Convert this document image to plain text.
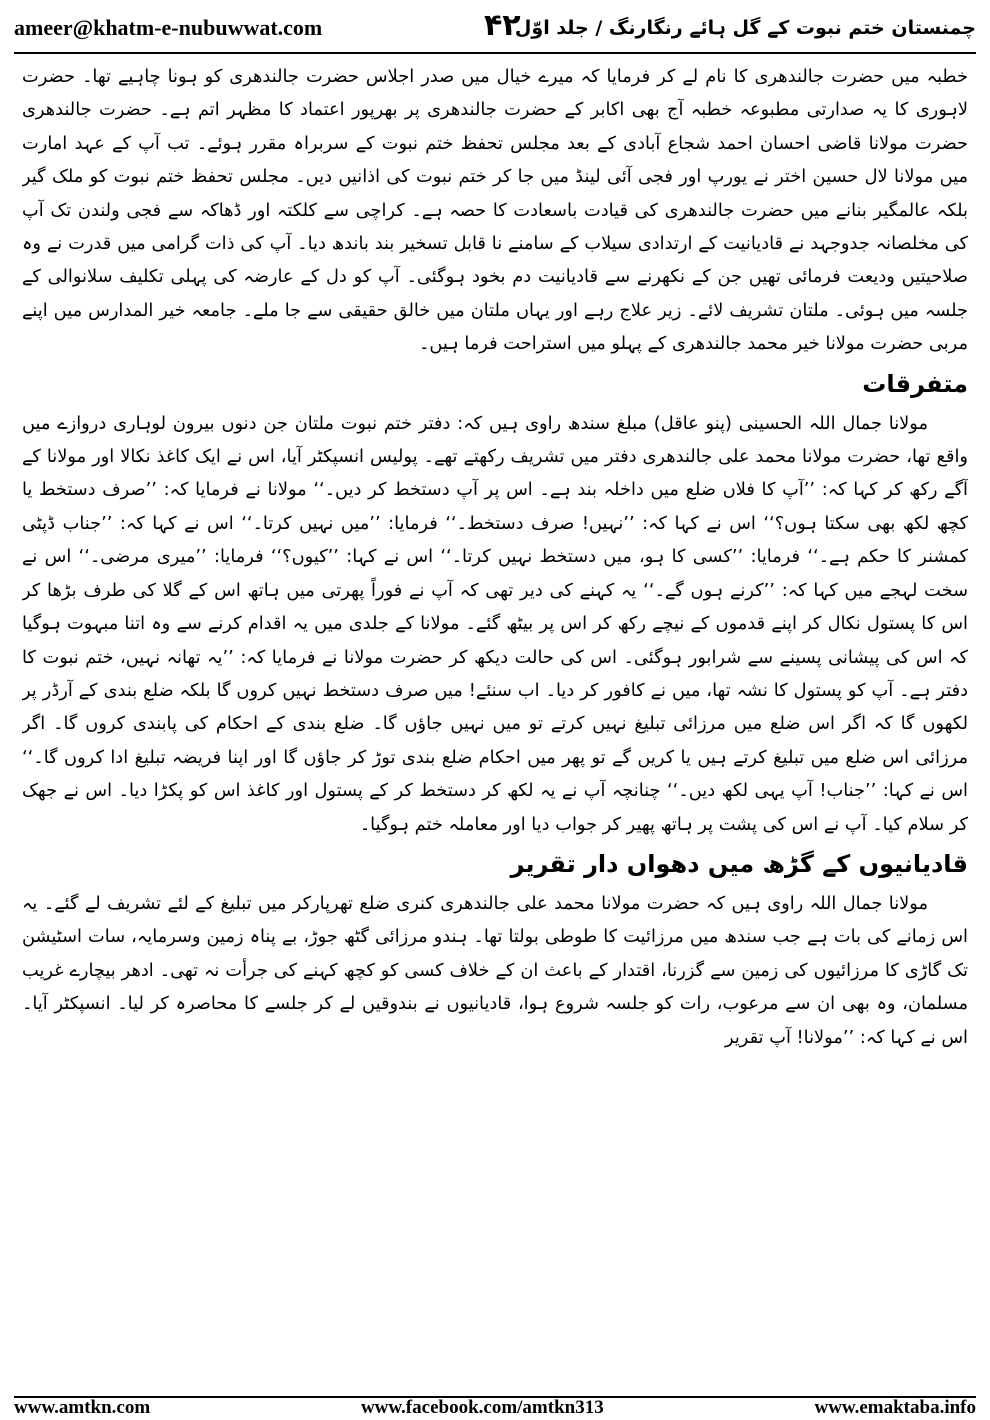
ameer@khatm-e-nubuwwat.com	۴۲
چمنستان ختم نبوت کے گل ہائے رنگارنگ / جلد اوّل

خطبہ میں حضرت جالندھری کا نام لے کر فرمایا کہ میرے خیال میں صدر اجلاس حضرت جالندھری کو ہونا چاہیے تھا۔ حضرت لاہوری کا یہ صدارتی مطبوعہ خطبہ آج بھی اکابر کے حضرت جالندھری پر بھرپور اعتماد کا مظہر اتم ہے۔ حضرت جالندھری حضرت مولانا قاضی احسان احمد شجاع آبادی کے بعد مجلس تحفظ ختم نبوت کے سربراہ مقرر ہوئے۔ تب آپ کے عہد امارت میں مولانا لال حسین اختر نے یورپ اور فجی آئی لینڈ میں جا کر ختم نبوت کی اذانیں دیں۔ مجلس تحفظ ختم نبوت کو ملک گیر بلکہ عالمگیر بنانے میں حضرت جالندھری کی قیادت باسعادت کا حصہ ہے۔ کراچی سے کلکتہ اور ڈھاکہ سے فجی ولندن تک آپ کی مخلصانہ جدوجہد نے قادیانیت کے ارتدادی سیلاب کے سامنے نا قابل تسخیر بند باندھ دیا۔ آپ کی ذات گرامی میں قدرت نے وہ صلاحیتیں ودیعت فرمائی تھیں جن کے نکھرنے سے قادیانیت دم بخود ہوگئی۔ آپ کو دل کے عارضہ کی پہلی تکلیف سلانوالی کے جلسہ میں ہوئی۔ ملتان تشریف لائے۔ زیر علاج رہے اور یہاں ملتان میں خالق حقیقی سے جا ملے۔ جامعہ خیر المدارس میں اپنے مربی حضرت مولانا خیر محمد جالندھری کے پہلو میں استراحت فرما ہیں۔

متفرقات

مولانا جمال اللہ الحسینی (پنو عاقل) مبلغ سندھ راوی ہیں کہ: دفتر ختم نبوت ملتان جن دنوں بیرون لوہاری دروازے میں واقع تھا، حضرت مولانا محمد علی جالندھری دفتر میں تشریف رکھتے تھے۔ پولیس انسپکٹر آیا، اس نے ایک کاغذ نکالا اور مولانا کے آگے رکھ کر کہا کہ: ’’آپ کا فلاں ضلع میں داخلہ بند ہے۔ اس پر آپ دستخط کر دیں۔‘‘ مولانا نے فرمایا کہ: ’’صرف دستخط یا کچھ لکھ بھی سکتا ہوں؟‘‘ اس نے کہا کہ: ’’نہیں! صرف دستخط۔‘‘ فرمایا: ’’میں نہیں کرتا۔‘‘ اس نے کہا کہ: ’’جناب ڈپٹی کمشنر کا حکم ہے۔‘‘ فرمایا: ’’کسی کا ہو، میں دستخط نہیں کرتا۔‘‘ اس نے کہا: ’’کیوں؟‘‘ فرمایا: ’’میری مرضی۔‘‘ اس نے سخت لہجے میں کہا کہ: ’’کرنے ہوں گے۔‘‘ یہ کہنے کی دیر تھی کہ آپ نے فوراً پھرتی میں ہاتھ اس کے گلا کی طرف بڑھا کر اس کا پستول نکال کر اپنے قدموں کے نیچے رکھ کر اس پر بیٹھ گئے۔ مولانا کے جلدی میں یہ اقدام کرنے سے وہ اتنا مبہوت ہوگیا کہ اس کی پیشانی پسینے سے شرابور ہوگئی۔ اس کی حالت دیکھ کر حضرت مولانا نے فرمایا کہ: ’’یہ تھانہ نہیں، ختم نبوت کا دفتر ہے۔ آپ کو پستول کا نشہ تھا، میں نے کافور کر دیا۔ اب سنئے! میں صرف دستخط نہیں کروں گا بلکہ ضلع بندی کے آرڈر پر لکھوں گا کہ اگر اس ضلع میں مرزائی تبلیغ نہیں کرتے تو میں نہیں جاؤں گا۔ ضلع بندی کے احکام کی پابندی کروں گا۔ اگر مرزائی اس ضلع میں تبلیغ کرتے ہیں یا کریں گے تو پھر میں احکام ضلع بندی توڑ کر جاؤں گا اور اپنا فریضہ تبلیغ ادا کروں گا۔‘‘ اس نے کہا: ’’جناب! آپ یہی لکھ دیں۔‘‘ چنانچہ آپ نے یہ لکھ کر دستخط کر کے پستول اور کاغذ اس کو پکڑا دیا۔ اس نے جھک کر سلام کیا۔ آپ نے اس کی پشت پر ہاتھ پھیر کر جواب دیا اور معاملہ ختم ہوگیا۔

قادیانیوں کے گڑھ میں دھواں دار تقریر

مولانا جمال اللہ راوی ہیں کہ حضرت مولانا محمد علی جالندھری کنری ضلع تھرپارکر میں تبلیغ کے لئے تشریف لے گئے۔ یہ اس زمانے کی بات ہے جب سندھ میں مرزائیت کا طوطی بولتا تھا۔ ہندو مرزائی گٹھ جوڑ، بے پناہ زمین وسرمایہ، سات اسٹیشن تک گاڑی کا مرزائیوں کی زمین سے گزرنا، اقتدار کے باعث ان کے خلاف کسی کو کچھ کہنے کی جرأت نہ تھی۔ ادھر بیچارے غریب مسلمان، وہ بھی ان سے مرعوب، رات کو جلسہ شروع ہوا، قادیانیوں نے بندوقیں لے کر جلسے کا محاصرہ کر لیا۔ انسپکٹر آیا۔ اس نے کہا کہ: ’’مولانا! آپ تقریر

www.amtkn.com	www.facebook.com/amtkn313	www.emaktaba.info
